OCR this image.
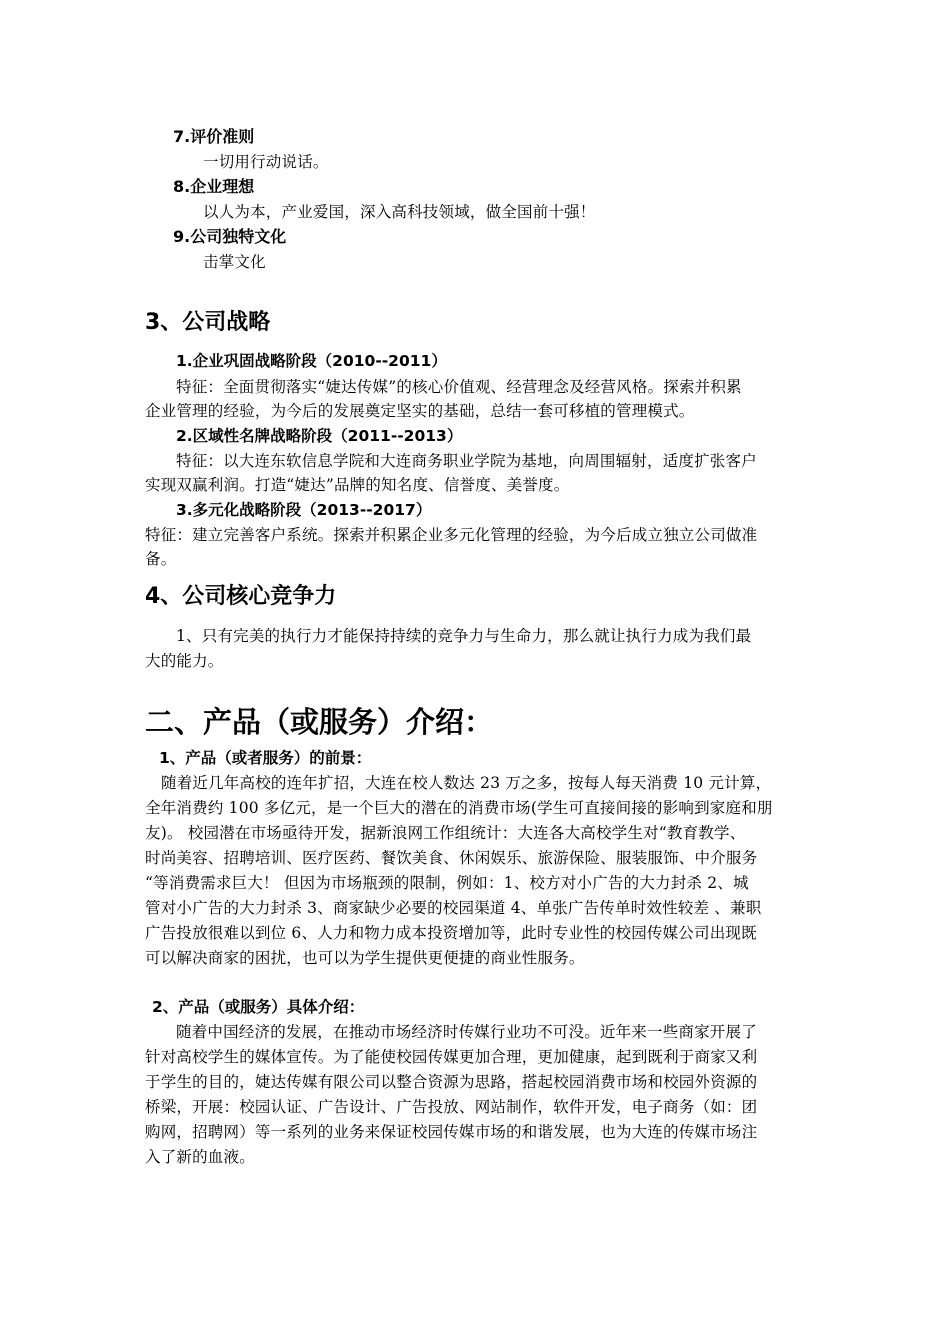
7.评价准则
一切用行动说话。
8.企业理想
以人为本，产业爱国，深入高科技领域，做全国前十强！
9.公司独特文化
击掌文化
3、公司战略
1.企业巩固战略阶段（2010--2011）
特征：全面贯彻落实“婕达传媒”的核心价值观、经营理念及经营风格。探索并积累
企业管理的经验，为今后的发展奠定坚实的基础，总结一套可移植的管理模式。
2.区域性名牌战略阶段（2011--2013）
特征：以大连东软信息学院和大连商务职业学院为基地，向周围辐射，适度扩张客户
实现双赢利润。打造“婕达”品牌的知名度、信誉度、美誉度。
3.多元化战略阶段（2013--2017）
特征：建立完善客户系统。探索并积累企业多元化管理的经验，为今后成立独立公司做准
备。
4、公司核心竞争力
1、只有完美的执行力才能保持持续的竞争力与生命力，那么就让执行力成为我们最
大的能力。
二、产品（或服务）介绍：
1、产品（或者服务）的前景：
随着近几年高校的连年扩招，大连在校人数达 23 万之多，按每人每天消费 10 元计算，
全年消费约 100 多亿元，是一个巨大的潜在的消费市场(学生可直接间接的影响到家庭和朋
友)。 校园潜在市场亟待开发，据新浪网工作组统计：大连各大高校学生对“教育教学、
时尚美容、招聘培训、医疗医药、餐饮美食、休闲娱乐、旅游保险、服装服饰、中介服务
“等消费需求巨大！ 但因为市场瓶颈的限制，例如：1、校方对小广告的大力封杀 2、城
管对小广告的大力封杀 3、商家缺少必要的校园渠道 4、单张广告传单时效性较差 、兼职
广告投放很难以到位 6、人力和物力成本投资增加等，此时专业性的校园传媒公司出现既
可以解决商家的困扰，也可以为学生提供更便捷的商业性服务。
2、产品（或服务）具体介绍：
随着中国经济的发展，在推动市场经济时传媒行业功不可没。近年来一些商家开展了
针对高校学生的媒体宣传。为了能使校园传媒更加合理，更加健康，起到既利于商家又利
于学生的目的，婕达传媒有限公司以整合资源为思路，搭起校园消费市场和校园外资源的
桥梁，开展：校园认证、广告设计、广告投放、网站制作，软件开发，电子商务（如：团
购网，招聘网）等一系列的业务来保证校园传媒市场的和谐发展，也为大连的传媒市场注
入了新的血液。
